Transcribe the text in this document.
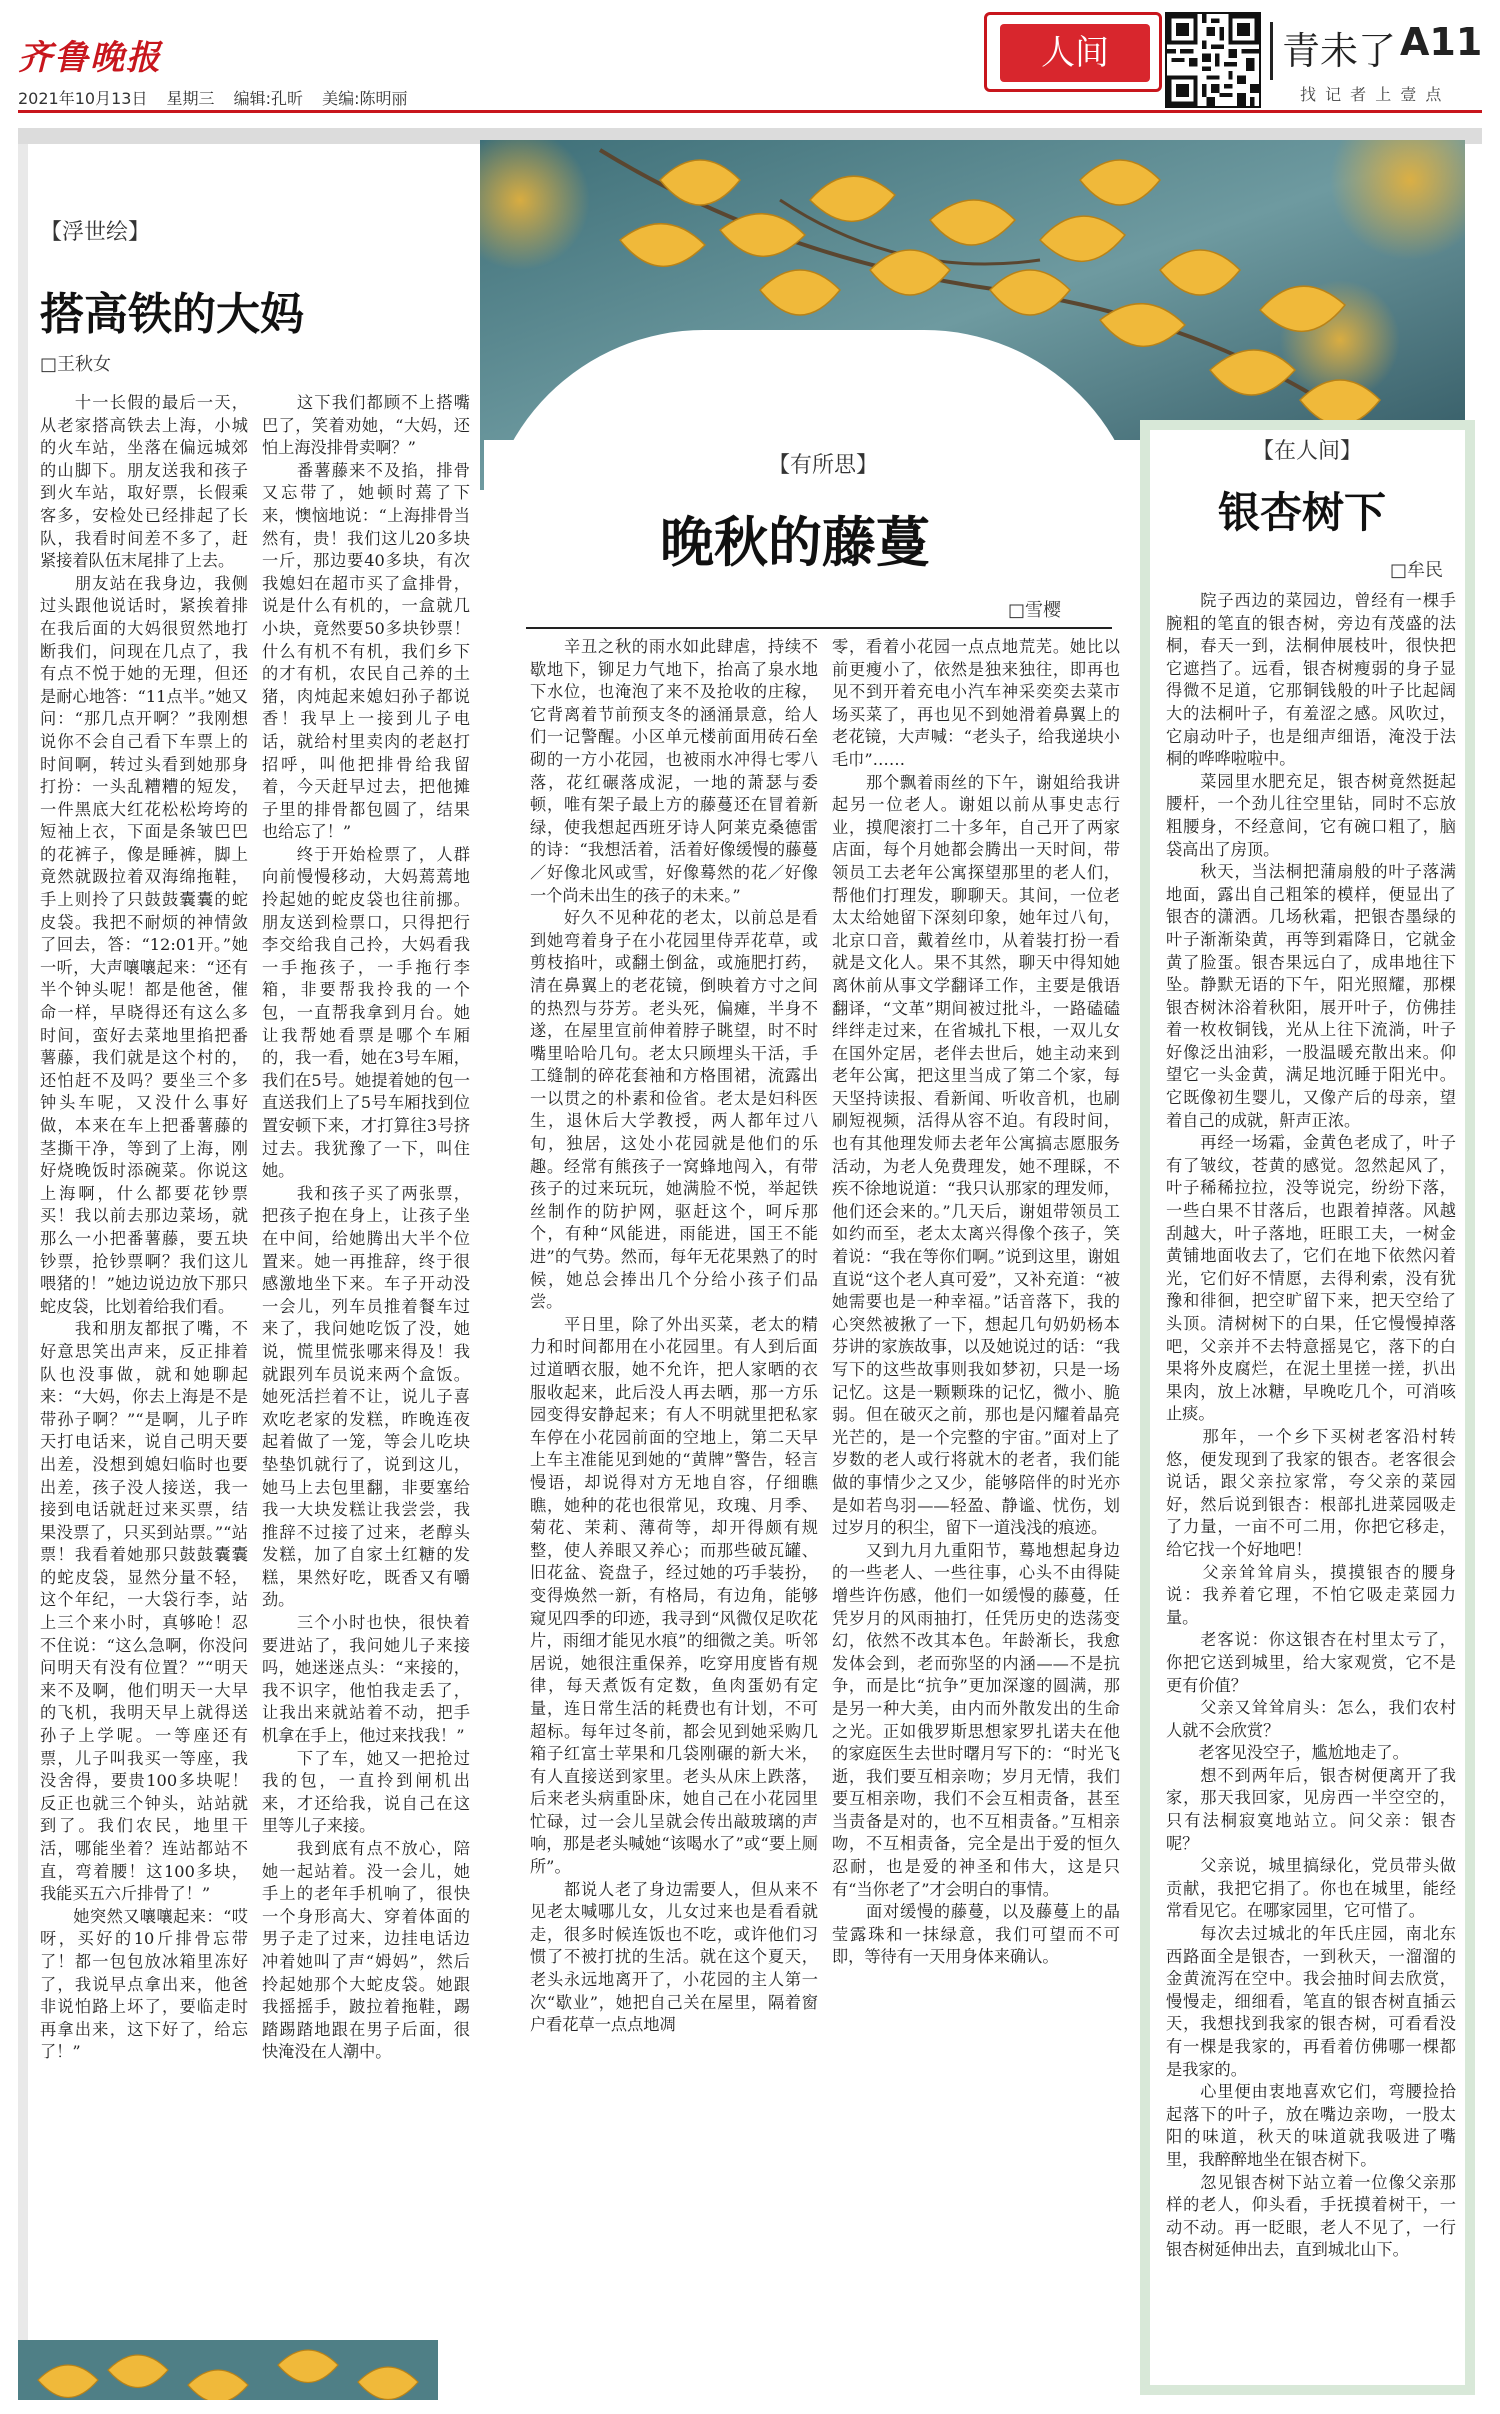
齐鲁晚报
2021年10月13日 星期三 编辑:孔昕 美编:陈明丽
人间	青未了 A11
找 记 者 上 壹 点
【浮世绘】
搭高铁的大妈
□王秋女
　　十一长假的最后一天，从老家搭高铁去上海，小城的火车站，坐落在偏远城郊的山脚下。朋友送我和孩子到火车站，取好票，长假乘客多，安检处已经排起了长队，我看时间差不多了，赶紧接着队伍末尾排了上去。
　　朋友站在我身边，我侧过头跟他说话时，紧挨着排在我后面的大妈很贸然地打断我们，问现在几点了，我有点不悦于她的无理，但还是耐心地答：“11点半。”她又问：“那几点开啊？”我刚想说你不会自己看下车票上的时间啊，转过头看到她那身打扮：一头乱糟糟的短发，一件黑底大红花松松垮垮的短袖上衣，下面是条皱巴巴的花裤子，像是睡裤，脚上竟然就趿拉着双海绵拖鞋，手上则拎了只鼓鼓囊囊的蛇皮袋。我把不耐烦的神情敛了回去，答：“12:01开。”她一听，大声嚷嚷起来：“还有半个钟头呢！都是他爸，催命一样，早晓得还有这么多时间，蛮好去菜地里掐把番薯藤，我们就是这个村的，还怕赶不及吗？要坐三个多钟头车呢，又没什么事好做，本来在车上把番薯藤的茎撕干净，等到了上海，刚好烧晚饭时添碗菜。你说这上海啊，什么都要花钞票买！我以前去那边菜场，就那么一小把番薯藤，要五块钞票，抢钞票啊？我们这儿喂猪的！”她边说边放下那只蛇皮袋，比划着给我们看。
　　我和朋友都抿了嘴，不好意思笑出声来，反正排着队也没事做，就和她聊起来：“大妈，你去上海是不是带孙子啊？”“是啊，儿子昨天打电话来，说自己明天要出差，没想到媳妇临时也要出差，孩子没人接送，我一接到电话就赶过来买票，结果没票了，只买到站票。”“站票！我看着她那只鼓鼓囊囊的蛇皮袋，显然分量不轻，这个年纪，一大袋行李，站上三个来小时，真够呛！忍不住说：“这么急啊，你没问问明天有没有位置？”“明天来不及啊，他们明天一大早的飞机，我明天早上就得送孙子上学呢。一等座还有票，儿子叫我买一等座，我没舍得，要贵100多块呢！反正也就三个钟头，站站就到了。我们农民，地里干活，哪能坐着？连站都站不直，弯着腰！这100多块，我能买五六斤排骨了！”
　　她突然又嚷嚷起来：“哎呀，买好的10斤排骨忘带了！都一包包放冰箱里冻好了，我说早点拿出来，他爸非说怕路上坏了，要临走时再拿出来，这下好了，给忘了！”
　　这下我们都顾不上搭嘴巴了，笑着劝她，“大妈，还怕上海没排骨卖啊？”
　　番薯藤来不及掐，排骨又忘带了，她顿时蔫了下来，懊恼地说：“上海排骨当然有，贵！我们这儿20多块一斤，那边要40多块，有次我媳妇在超市买了盒排骨，说是什么有机的，一盒就几小块，竟然要50多块钞票！什么有机不有机，我们乡下的才有机，农民自己养的土猪，肉炖起来媳妇孙子都说香！我早上一接到儿子电话，就给村里卖肉的老赵打招呼，叫他把排骨给我留着，今天赶早过去，把他摊子里的排骨都包圆了，结果也给忘了！”
　　终于开始检票了，人群向前慢慢移动，大妈蔫蔫地拎起她的蛇皮袋也往前挪。朋友送到检票口，只得把行李交给我自己拎，大妈看我一手拖孩子，一手拖行李箱，非要帮我拎我的一个包，一直帮我拿到月台。她让我帮她看票是哪个车厢的，我一看，她在3号车厢，我们在5号。她提着她的包一直送我们上了5号车厢找到位置安顿下来，才打算往3号挤过去。我犹豫了一下，叫住她。
　　我和孩子买了两张票，把孩子抱在身上，让孩子坐在中间，给她腾出大半个位置来。她一再推辞，终于很感激地坐下来。车子开动没一会儿，列车员推着餐车过来了，我问她吃饭了没，她说，慌里慌张哪来得及！我就跟列车员说来两个盒饭。她死活拦着不让，说儿子喜欢吃老家的发糕，昨晚连夜起着做了一笼，等会儿吃块垫垫饥就行了，说到这儿，她马上去包里翻，非要塞给我一大块发糕让我尝尝，我推辞不过接了过来，老醇头发糕，加了自家土红糖的发糕，果然好吃，既香又有嚼劲。
　　三个小时也快，很快着要进站了，我问她儿子来接吗，她迷迷点头：“来接的，我不识字，他怕我走丢了，让我出来就站着不动，把手机拿在手上，他过来找我！”
　　下了车，她又一把抢过我的包，一直拎到闸机出来，才还给我，说自己在这里等儿子来接。
　　我到底有点不放心，陪她一起站着。没一会儿，她手上的老年手机响了，很快一个身形高大、穿着体面的男子走了过来，边挂电话边冲着她叫了声“姆妈”，然后拎起她那个大蛇皮袋。她跟我摇摇手，跛拉着拖鞋，踢踏踢踏地跟在男子后面，很快淹没在人潮中。
【有所思】
晚秋的藤蔓
□雪樱
　　辛丑之秋的雨水如此肆虐，持续不歇地下，铆足力气地下，抬高了泉水地下水位，也淹泡了来不及抢收的庄稼，它背离着节前预支冬的涵涌景意，给人们一记警醒。小区单元楼前面用砖石垒砌的一方小花园，也被雨水冲得七零八落，花红碾落成泥，一地的萧瑟与委顿，唯有架子最上方的藤蔓还在冒着新绿，使我想起西班牙诗人阿莱克桑德雷的诗：“我想活着，活着好像缓慢的藤蔓／好像北风或雪，好像蓦然的花／好像一个尚未出生的孩子的未来。”
　　好久不见种花的老太，以前总是看到她弯着身子在小花园里侍弄花草，或剪枝掐叶，或翻土倒盆，或施肥打药，清在鼻翼上的老花镜，倒映着方寸之间的热烈与芬芳。老头死，偏瘫，半身不遂，在屋里宣前伸着脖子眺望，时不时嘴里哈哈几句。老太只顾埋头干活，手工缝制的碎花套袖和方格围裙，流露出一以贯之的朴素和俭省。老太是妇科医生，退休后大学教授，两人都年过八旬，独居，这处小花园就是他们的乐趣。经常有熊孩子一窝蜂地闯入，有带孩子的过来玩玩，她满脸不悦，举起铁丝制作的防护网，驱赶这个，呵斥那个，有种“风能进，雨能进，国王不能进”的气势。然而，每年无花果熟了的时候，她总会捧出几个分给小孩子们品尝。
　　平日里，除了外出买菜，老太的精力和时间都用在小花园里。有人到后面过道晒衣服，她不允许，把人家晒的衣服收起来，此后没人再去晒，那一方乐园变得安静起来；有人不明就里把私家车停在小花园前面的空地上，第二天早上车主准能见到她的“黄牌”警告，轻言慢语，却说得对方无地自容，仔细瞧瞧，她种的花也很常见，玫瑰、月季、菊花、茉莉、薄荷等，却开得颇有规整，使人养眼又养心；而那些破瓦罐、旧花盆、瓷盘子，经过她的巧手装扮，变得焕然一新，有格局，有边角，能够窥见四季的印迹，我寻到“风微仅足吹花片，雨细才能见水痕”的细微之美。听邻居说，她很注重保养，吃穿用度皆有规律，每天煮饭有定数，鱼肉蛋奶有定量，连日常生活的耗费也有计划，不可超标。每年过冬前，都会见到她采购几箱子红富士苹果和几袋刚碾的新大米，有人直接送到家里。老头从床上跌落，后来老头病重卧床，她自己在小花园里忙碌，过一会儿呈就会传出敲玻璃的声响，那是老头喊她“该喝水了”或“要上厕所”。
　　都说人老了身边需要人，但从来不见老太喊哪儿女，儿女过来也是看看就走，很多时候连饭也不吃，或许他们习惯了不被打扰的生活。就在这个夏天，老头永远地离开了，小花园的主人第一次“歇业”，她把自己关在屋里，隔着窗户看花草一点点地凋
零，看着小花园一点点地荒芜。她比以前更瘦小了，依然是独来独往，即再也见不到开着充电小汽车神采奕奕去菜市场买菜了，再也见不到她滑着鼻翼上的老花镜，大声喊：“老头子，给我递块小毛巾”……
　　那个飘着雨丝的下午，谢姐给我讲起另一位老人。谢姐以前从事史志行业，摸爬滚打二十多年，自己开了两家店面，每个月她都会腾出一天时间，带领员工去老年公寓探望那里的老人们，帮他们打理发，聊聊天。其间，一位老太太给她留下深刻印象，她年过八旬，北京口音，戴着丝巾，从着装打扮一看就是文化人。果不其然，聊天中得知她离休前从事文学翻译工作，主要是俄语翻译，“文革”期间被过批斗，一路磕磕绊绊走过来，在省城扎下根，一双儿女在国外定居，老伴去世后，她主动来到老年公寓，把这里当成了第二个家，每天坚持读报、看新闻、听收音机，也刷刷短视频，活得从容不迫。有段时间，也有其他理发师去老年公寓搞志愿服务活动，为老人免费理发，她不理睬，不疾不徐地说道：“我只认那家的理发师，他们还会来的。”几天后，谢姐带领员工如约而至，老太太离兴得像个孩子，笑着说：“我在等你们啊。”说到这里，谢姐直说“这个老人真可爱”，又补充道：“被她需要也是一种幸福。”话音落下，我的心突然被揪了一下，想起几句奶奶杨本芬讲的家族故事，以及她说过的话：“我写下的这些故事则我如梦初，只是一场记忆。这是一颗颗珠的记忆，微小、脆弱。但在破灭之前，那也是闪耀着晶亮光芒的，是一个完整的宇宙。”面对上了岁数的老人或行将就木的老者，我们能做的事情少之又少，能够陪伴的时光亦是如若鸟羽——轻盈、静谧、忧伤，划过岁月的积尘，留下一道浅浅的痕迹。
　　又到九月九重阳节，蓦地想起身边的一些老人、一些往事，心头不由得陡增些许伤感，他们一如缓慢的藤蔓，任凭岁月的风雨抽打，任凭历史的迭荡变幻，依然不改其本色。年龄渐长，我愈发体会到，老而弥坚的内涵——不是抗争，而是比“抗争”更加深邃的圆满，那是另一种大美，由内而外散发出的生命之光。正如俄罗斯思想家罗扎诺夫在他的家庭医生去世时曙月写下的：“时光飞逝，我们要互相亲吻；岁月无情，我们要互相亲吻，我们不会互相责备，甚至当责备是对的，也不互相责备。”互相亲吻，不互相责备，完全是出于爱的恒久忍耐，也是爱的神圣和伟大，这是只有“当你老了”才会明白的事情。
　　面对缓慢的藤蔓，以及藤蔓上的晶莹露珠和一抹绿意，我们可望而不可即，等待有一天用身体来确认。
【在人间】
银杏树下
□牟民
　　院子西边的菜园边，曾经有一棵手腕粗的笔直的银杏树，旁边有茂盛的法桐，春天一到，法桐伸展枝叶，很快把它遮挡了。远看，银杏树瘦弱的身子显得微不足道，它那铜钱般的叶子比起阔大的法桐叶子，有羞涩之感。风吹过，它扇动叶子，也是细声细语，淹没于法桐的哗哗啦啦中。
　　菜园里水肥充足，银杏树竟然挺起腰杆，一个劲儿往空里钻，同时不忘放粗腰身，不经意间，它有碗口粗了，脑袋高出了房顶。
　　秋天，当法桐把蒲扇般的叶子落满地面，露出自己粗笨的模样，便显出了银杏的潇洒。几场秋霜，把银杏墨绿的叶子渐渐染黄，再等到霜降日，它就金黄了脸蛋。银杏果远白了，成串地往下坠。静默无语的下午，阳光照耀，那棵银杏树沐浴着秋阳，展开叶子，仿佛挂着一枚枚铜钱，光从上往下流淌，叶子好像泛出油彩，一股温暖充散出来。仰望它一头金黄，满足地沉睡于阳光中。它既像初生婴儿，又像产后的母亲，望着自己的成就，鼾声正浓。
　　再经一场霜，金黄色老成了，叶子有了皱纹，苍黄的感觉。忽然起风了，叶子稀稀拉拉，没等说完，纷纷下落，一些白果不甘落后，也跟着掉落。风越刮越大，叶子落地，旺眼工夫，一树金黄铺地面收去了，它们在地下依然闪着光，它们好不情愿，去得利索，没有犹豫和徘徊，把空旷留下来，把天空给了头顶。清树树下的白果，任它慢慢掉落吧，父亲并不去特意摇晃它，落下的白果将外皮腐烂，在泥土里搓一搓，扒出果肉，放上冰糖，早晚吃几个，可消咳止痰。
　　那年，一个乡下买树老客沿村转悠，便发现到了我家的银杏。老客很会说话，跟父亲拉家常，夸父亲的菜园好，然后说到银杏：根部扎进菜园吸走了力量，一亩不可二用，你把它移走，给它找一个好地吧！
　　父亲耸耸肩头，摸摸银杏的腰身说：我养着它理，不怕它吸走菜园力量。
　　老客说：你这银杏在村里太亏了，你把它送到城里，给大家观赏，它不是更有价值？
　　父亲又耸耸肩头：怎么，我们农村人就不会欣赏？
　　老客见没空子，尴尬地走了。
　　想不到两年后，银杏树便离开了我家，那天我回家，见房西一半空空的，只有法桐寂寞地站立。问父亲：银杏呢？
　　父亲说，城里搞绿化，党员带头做贡献，我把它捐了。你也在城里，能经常看见它。在哪家园里，它可惜了。
　　每次去过城北的年氏庄园，南北东西路面全是银杏，一到秋天，一溜溜的金黄流泻在空中。我会抽时间去欣赏，慢慢走，细细看，笔直的银杏树直插云天，我想找到我家的银杏树，可看看没有一棵是我家的，再看着仿佛哪一棵都是我家的。
　　心里便由衷地喜欢它们，弯腰捡拾起落下的叶子，放在嘴边亲吻，一股太阳的味道，秋天的味道就我吸进了嘴里，我醉醉地坐在银杏树下。
　　忽见银杏树下站立着一位像父亲那样的老人，仰头看，手抚摸着树干，一动不动。再一眨眼，老人不见了，一行银杏树延伸出去，直到城北山下。
